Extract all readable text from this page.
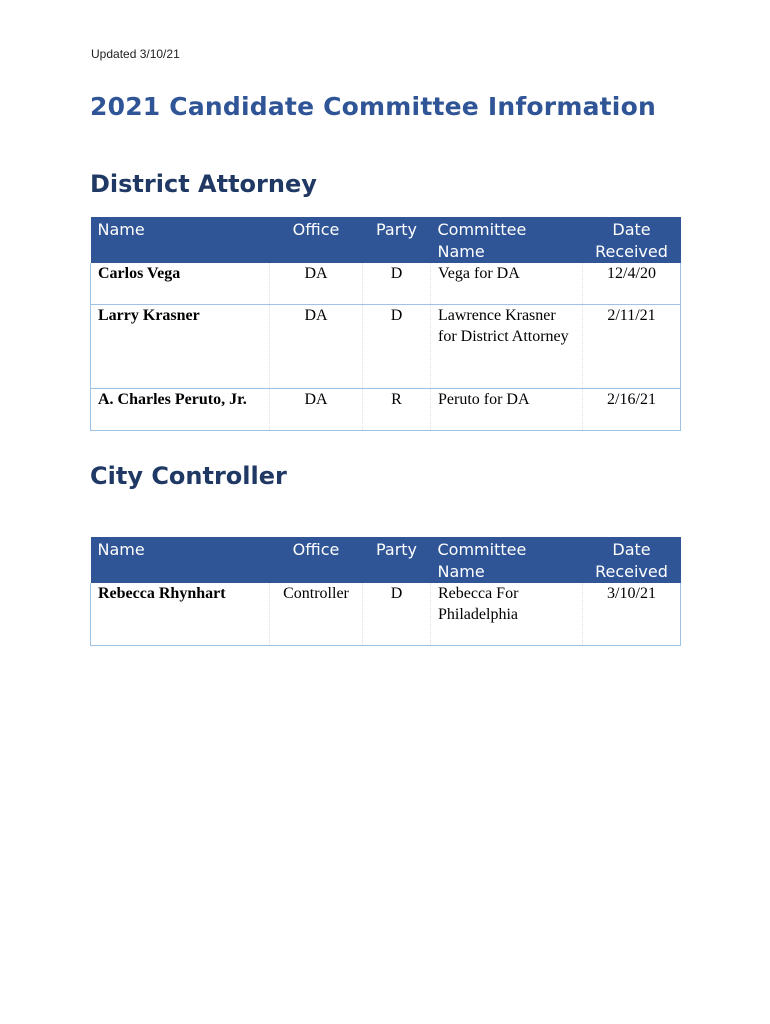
Updated 3/10/21
2021 Candidate Committee Information
District Attorney
Name	Office	Party	Committee Name	Date Received
Carlos Vega	DA	D	Vega for DA	12/4/20
Larry Krasner	DA	D	Lawrence Krasner for District Attorney	2/11/21
A. Charles Peruto, Jr.	DA	R	Peruto for DA	2/16/21
City Controller
Name	Office	Party	Committee Name	Date Received
Rebecca Rhynhart	Controller	D	Rebecca For Philadelphia	3/10/21
